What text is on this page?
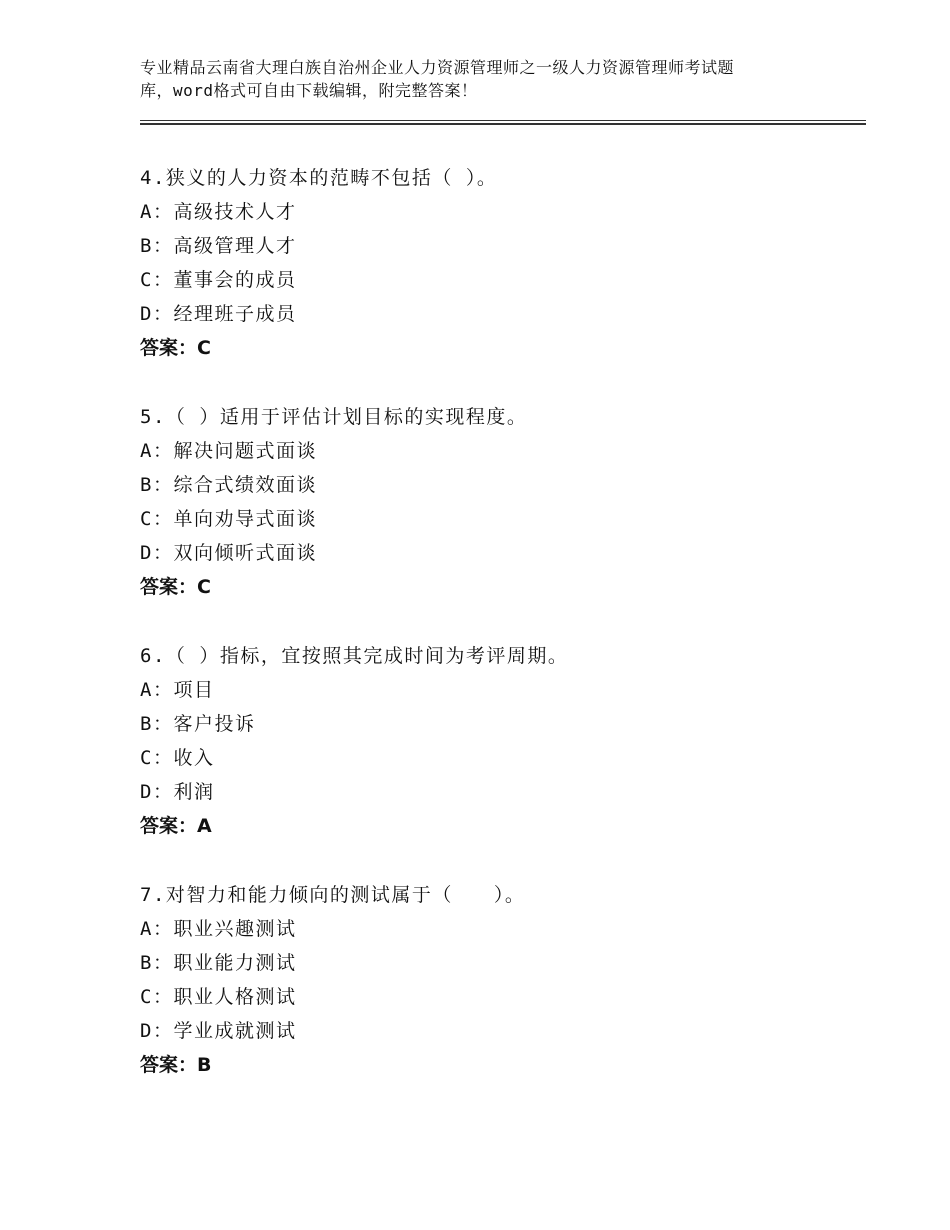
专业精品云南省大理白族自治州企业人力资源管理师之一级人力资源管理师考试题
库，word格式可自由下载编辑，附完整答案！
4.狭义的人力资本的范畴不包括（ ）。
A：高级技术人才
B：高级管理人才
C：董事会的成员
D：经理班子成员
答案：C
5.（ ）适用于评估计划目标的实现程度。
A：解决问题式面谈
B：综合式绩效面谈
C：单向劝导式面谈
D：双向倾听式面谈
答案：C
6.（ ）指标，宜按照其完成时间为考评周期。
A：项目
B：客户投诉
C：收入
D：利润
答案：A
7.对智力和能力倾向的测试属于（　　）。
A：职业兴趣测试
B：职业能力测试
C：职业人格测试
D：学业成就测试
答案：B
